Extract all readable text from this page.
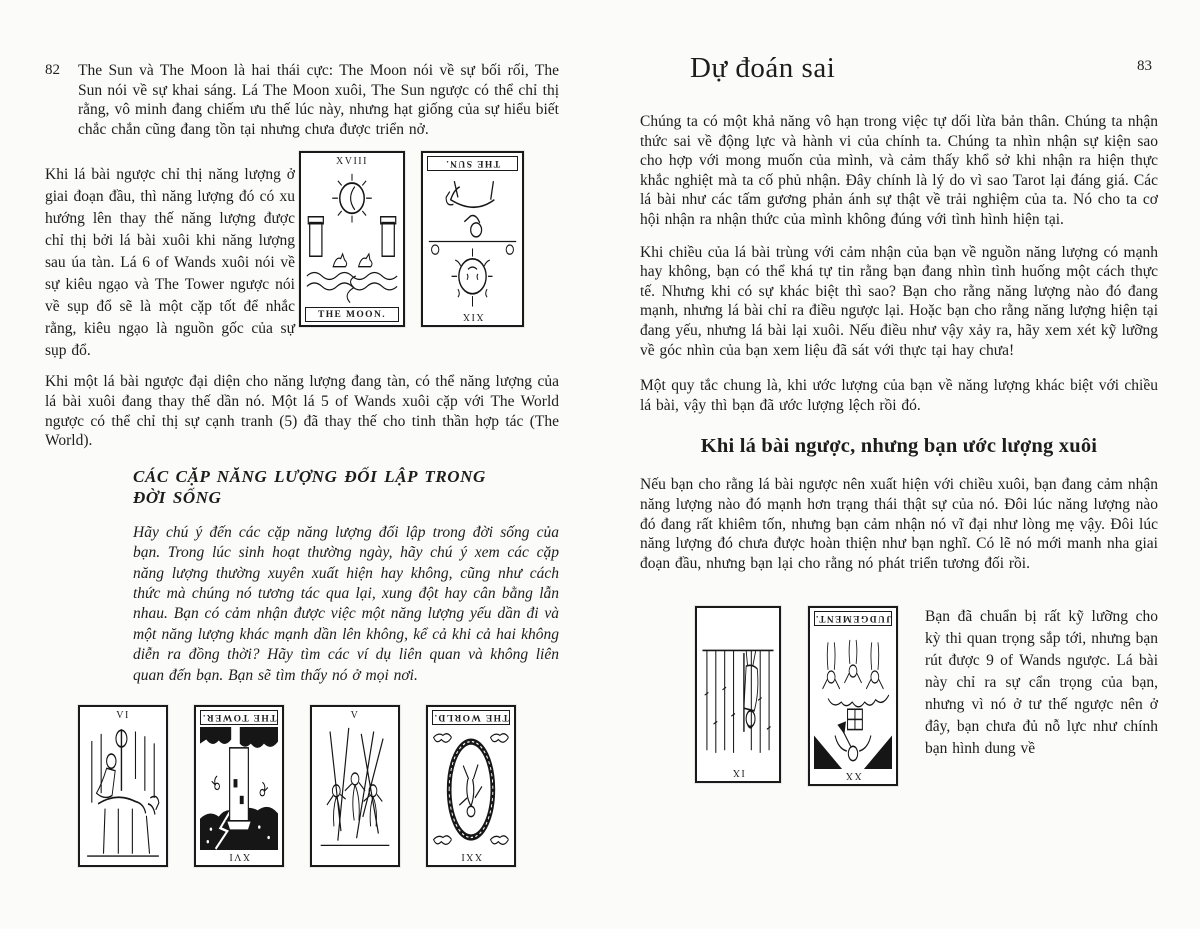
82	The Sun và The Moon là hai thái cực: The Moon nói về sự bối rối, The Sun nói về sự khai sáng. Lá The Moon xuôi, The Sun ngược có thể chỉ thị rằng, vô minh đang chiếm ưu thế lúc này, nhưng hạt giống của sự hiểu biết chắc chắn cũng đang tồn tại nhưng chưa được triển nở.

Khi lá bài ngược chỉ thị năng lượng ở giai đoạn đầu, thì năng lượng đó có xu hướng lên thay thế năng lượng được chỉ thị bởi lá bài xuôi khi năng lượng sau úa tàn. Lá 6 of Wands xuôi nói về sự kiêu ngạo và The Tower ngược nói về sụp đổ sẽ là một cặp tốt để nhắc rằng, kiêu ngạo là nguồn gốc của sự sụp đổ.

XVIII
THE MOON.	XIX
THE SUN.

Khi một lá bài ngược đại diện cho năng lượng đang tàn, có thể năng lượng của lá bài xuôi đang thay thế dần nó. Một lá 5 of Wands xuôi cặp với The World ngược có thể chỉ thị sự cạnh tranh (5) đã thay thế cho tinh thần hợp tác (The World).

CÁC CẶP NĂNG LƯỢNG ĐỐI LẬP TRONG ĐỜI SỐNG

Hãy chú ý đến các cặp năng lượng đối lập trong đời sống của bạn. Trong lúc sinh hoạt thường ngày, hãy chú ý xem các cặp năng lượng thường xuyên xuất hiện hay không, cũng như cách thức mà chúng nó tương tác qua lại, xung đột hay cân bằng lẫn nhau. Bạn có cảm nhận được việc một năng lượng yếu dần đi và một năng lượng khác mạnh dần lên không, kể cả khi cả hai không diễn ra đồng thời? Hãy tìm các ví dụ liên quan và không liên quan đến bạn. Bạn sẽ tìm thấy nó ở mọi nơi.

VI
XVI
THE TOWER.	V
XXI
THE WORLD.
Dự đoán sai	83

Chúng ta có một khả năng vô hạn trong việc tự dối lừa bản thân. Chúng ta nhận thức sai về động lực và hành vi của chính ta. Chúng ta nhìn nhận sự kiện sao cho hợp với mong muốn của mình, và cảm thấy khổ sở khi nhận ra hiện thực khắc nghiệt mà ta cố phủ nhận. Đây chính là lý do vì sao Tarot lại đáng giá. Các lá bài như các tấm gương phản ánh sự thật về trải nghiệm của ta. Nó cho ta cơ hội nhận ra nhận thức của mình không đúng với tình hình hiện tại.

Khi chiều của lá bài trùng với cảm nhận của bạn về nguồn năng lượng có mạnh hay không, bạn có thể khá tự tin rằng bạn đang nhìn tình huống một cách thực tế. Nhưng khi có sự khác biệt thì sao? Bạn cho rằng năng lượng nào đó đang mạnh, nhưng lá bài chỉ ra điều ngược lại. Hoặc bạn cho rằng năng lượng hiện tại đang yếu, nhưng lá bài lại xuôi. Nếu điều như vậy xảy ra, hãy xem xét kỹ lưỡng về góc nhìn của bạn xem liệu đã sát với thực tại hay chưa!

Một quy tắc chung là, khi ước lượng của bạn về năng lượng khác biệt với chiều lá bài, vậy thì bạn đã ước lượng lệch rồi đó.

Khi lá bài ngược, nhưng bạn ước lượng xuôi

Nếu bạn cho rằng lá bài ngược nên xuất hiện với chiều xuôi, bạn đang cảm nhận năng lượng nào đó mạnh hơn trạng thái thật sự của nó. Đôi lúc năng lượng nào đó đang rất khiêm tốn, nhưng bạn cảm nhận nó vĩ đại như lòng mẹ vậy. Đôi lúc năng lượng đó chưa được hoàn thiện như bạn nghĩ. Có lẽ nó mới manh nha giai đoạn đầu, nhưng bạn lại cho rằng nó phát triển tương đối rồi.

IX	XX
JUDGEMENT. Bạn đã chuẩn bị rất kỹ lưỡng cho kỳ thi quan trọng sắp tới, nhưng bạn rút được 9 of Wands ngược. Lá bài này chỉ ra sự cẩn trọng của bạn, nhưng vì nó ở tư thế ngược nên ở đây, bạn chưa đủ nỗ lực như chính bạn hình dung về
